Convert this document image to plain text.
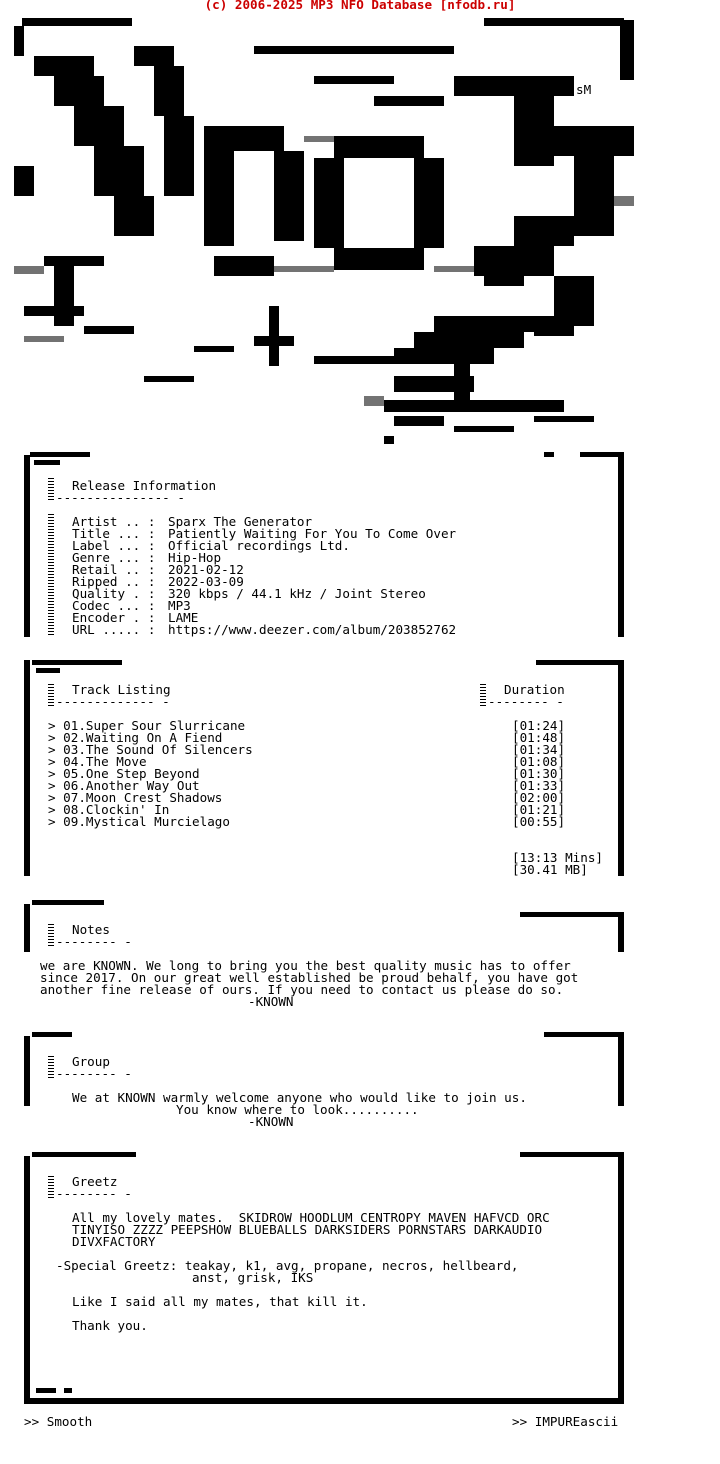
(c) 2006-2025 MP3 NFO Database [nfodb.ru]
sM
Release Information
--------------- -
Artist .. : Sparx The Generator
Title ... : Patiently Waiting For You To Come Over
Label ... : Official recordings Ltd.
Genre ... : Hip-Hop
Retail .. : 2021-02-12
Ripped .. : 2022-03-09
Quality . : 320 kbps / 44.1 kHz / Joint Stereo
Codec ... : MP3
Encoder . : LAME
URL ..... : https://www.deezer.com/album/203852762
Track Listing
------------- -
Duration
-------- -
> 01.Super Sour Slurricane	[01:24]
> 02.Waiting On A Fiend	[01:48]
> 03.The Sound Of Silencers	[01:34]
> 04.The Move	[01:08]
> 05.One Step Beyond	[01:30]
> 06.Another Way Out	[01:33]
> 07.Moon Crest Shadows	[02:00]
> 08.Clockin' In	[01:21]
> 09.Mystical Murcielago	[00:55]
[13:13 Mins]
[30.41 MB]
Notes
-------- -
we are KNOWN. We long to bring you the best quality music has to offer
since 2017. On our great well established be proud behalf, you have got
another fine release of ours. If you need to contact us please do so.
-KNOWN
Group
-------- -
We at KNOWN warmly welcome anyone who would like to join us.
You know where to look..........
-KNOWN
Greetz
-------- -
All my lovely mates.  SKIDROW HOODLUM CENTROPY MAVEN HAFVCD ORC
TINYISO ZZZZ PEEPSHOW BLUEBALLS DARKSIDERS PORNSTARS DARKAUDIO
DIVXFACTORY
-Special Greetz: teakay, k1, avg, propane, necros, hellbeard,
anst, grisk, IKS
Like I said all my mates, that kill it.
Thank you.
>> Smooth	>> IMPUREascii
